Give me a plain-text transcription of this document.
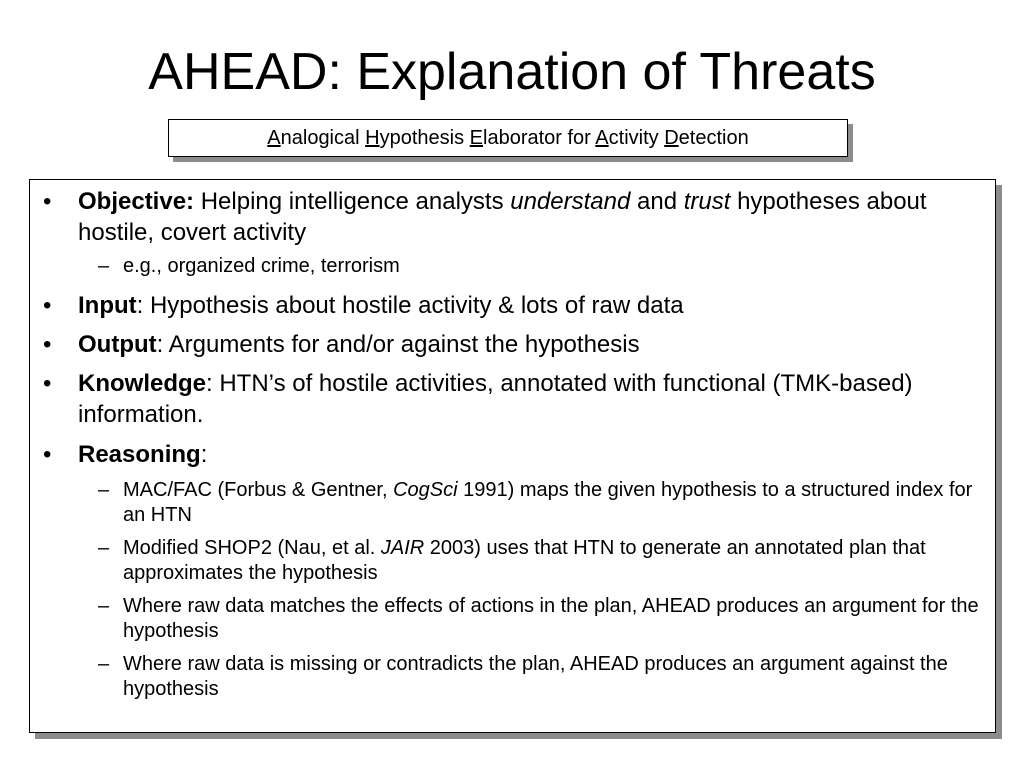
AHEAD: Explanation of Threats
Analogical Hypothesis Elaborator for Activity Detection
• Objective: Helping intelligence analysts understand and trust hypotheses about hostile, covert activity
– e.g., organized crime, terrorism
• Input: Hypothesis about hostile activity & lots of raw data
• Output: Arguments for and/or against the hypothesis
• Knowledge: HTN’s of hostile activities, annotated with functional (TMK-based) information.
• Reasoning:
– MAC/FAC (Forbus & Gentner, CogSci 1991) maps the given hypothesis to a structured index for an HTN
– Modified SHOP2 (Nau, et al. JAIR 2003) uses that HTN to generate an annotated plan that approximates the hypothesis
– Where raw data matches the effects of actions in the plan, AHEAD produces an argument for the hypothesis
– Where raw data is missing or contradicts the plan, AHEAD produces an argument against the hypothesis
